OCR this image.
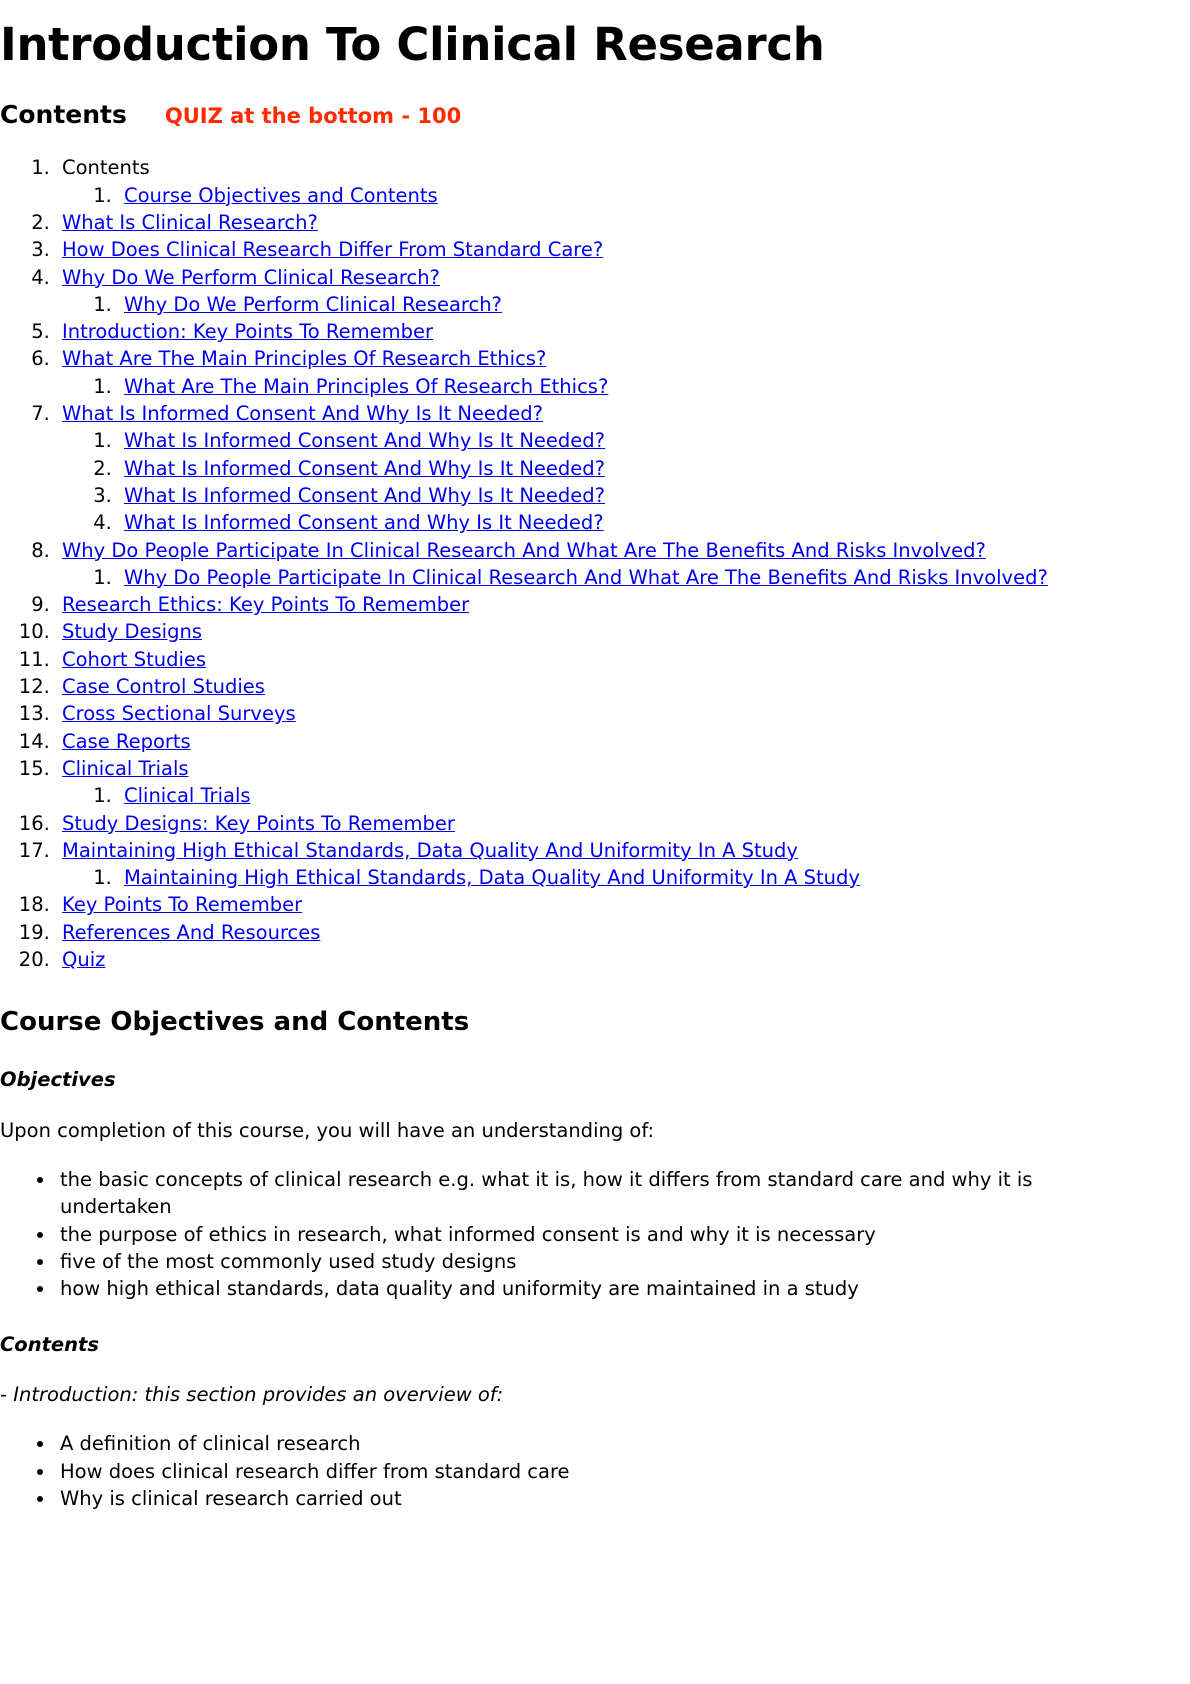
Introduction To Clinical Research
Contents QUIZ at the bottom - 100
1. Contents
1. Course Objectives and Contents
2. What Is Clinical Research?
3. How Does Clinical Research Differ From Standard Care?
4. Why Do We Perform Clinical Research?
1. Why Do We Perform Clinical Research?
5. Introduction: Key Points To Remember
6. What Are The Main Principles Of Research Ethics?
1. What Are The Main Principles Of Research Ethics?
7. What Is Informed Consent And Why Is It Needed?
1. What Is Informed Consent And Why Is It Needed?
2. What Is Informed Consent And Why Is It Needed?
3. What Is Informed Consent And Why Is It Needed?
4. What Is Informed Consent and Why Is It Needed?
8. Why Do People Participate In Clinical Research And What Are The Benefits And Risks Involved?
1. Why Do People Participate In Clinical Research And What Are The Benefits And Risks Involved?
9. Research Ethics: Key Points To Remember
10. Study Designs
11. Cohort Studies
12. Case Control Studies
13. Cross Sectional Surveys
14. Case Reports
15. Clinical Trials
1. Clinical Trials
16. Study Designs: Key Points To Remember
17. Maintaining High Ethical Standards, Data Quality And Uniformity In A Study
1. Maintaining High Ethical Standards, Data Quality And Uniformity In A Study
18. Key Points To Remember
19. References And Resources
20. Quiz
Course Objectives and Contents
Objectives

Upon completion of this course, you will have an understanding of:

• the basic concepts of clinical research e.g. what it is, how it differs from standard care and why it is undertaken
• the purpose of ethics in research, what informed consent is and why it is necessary
• five of the most commonly used study designs
• how high ethical standards, data quality and uniformity are maintained in a study
Contents

- Introduction: this section provides an overview of:

• A definition of clinical research
• How does clinical research differ from standard care
• Why is clinical research carried out
